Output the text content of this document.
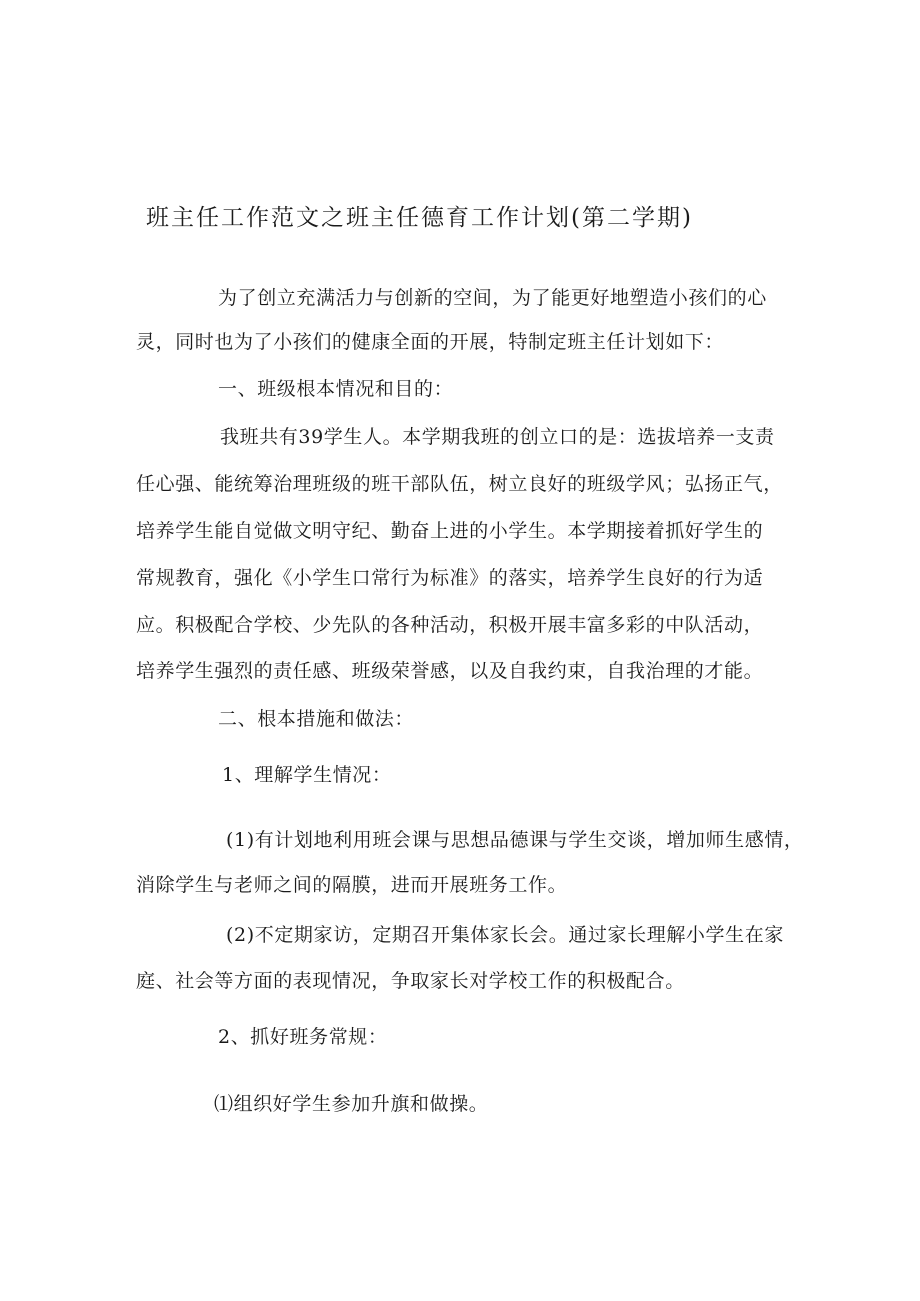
班主任工作范文之班主任德育工作计划(第二学期)
为了创立充满活力与创新的空间，为了能更好地塑造小孩们的心
灵，同时也为了小孩们的健康全面的开展，特制定班主任计划如下：
一、班级根本情况和目的：
我班共有39学生人。本学期我班的创立口的是：选拔培养一支责
任心强、能统筹治理班级的班干部队伍，树立良好的班级学风；弘扬正气，
培养学生能自觉做文明守纪、勤奋上进的小学生。本学期接着抓好学生的
常规教育，强化《小学生口常行为标准》的落实，培养学生良好的行为适
应。积极配合学校、少先队的各种活动，积极开展丰富多彩的中队活动，
培养学生强烈的责任感、班级荣誉感，以及自我约束，自我治理的才能。
二、根本措施和做法：
1、理解学生情况：
(1)有计划地利用班会课与思想品德课与学生交谈，增加师生感情，
消除学生与老师之间的隔膜，进而开展班务工作。
(2)不定期家访，定期召开集体家长会。通过家长理解小学生在家
庭、社会等方面的表现情况，争取家长对学校工作的积极配合。
2、抓好班务常规：
⑴组织好学生参加升旗和做操。
